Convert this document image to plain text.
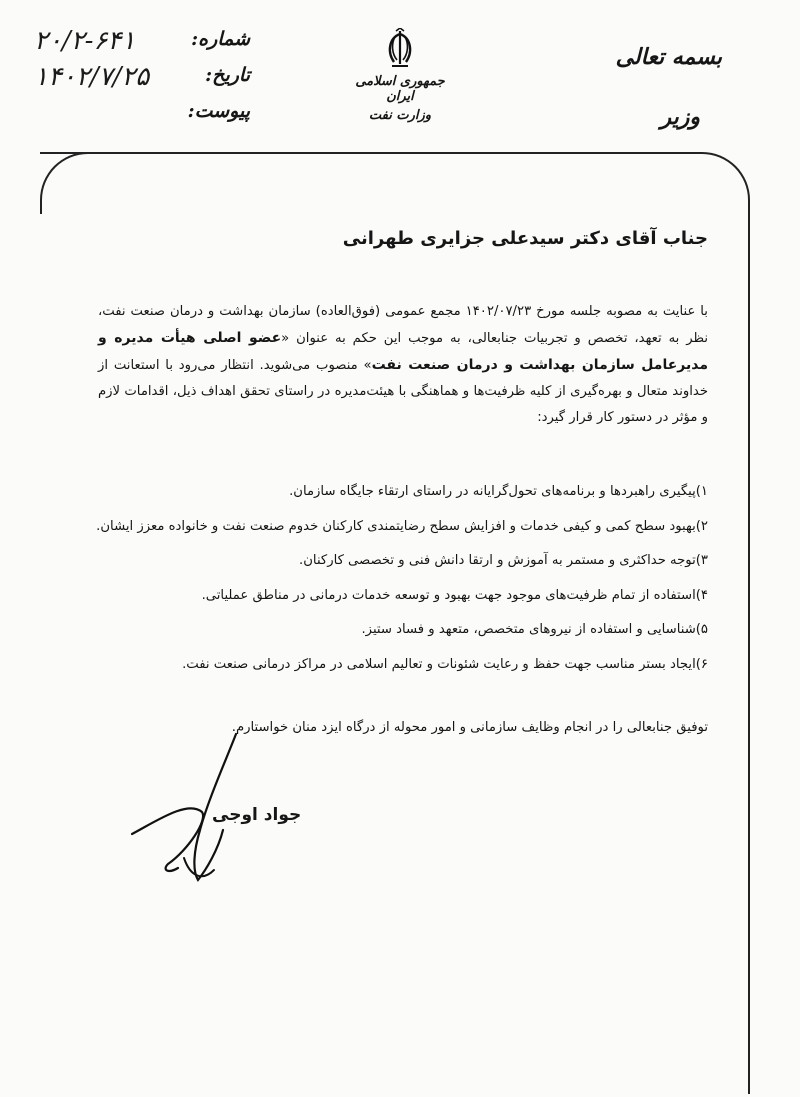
شماره:
۲۰/۲-۶۴۱
تاریخ:
۱۴۰۲/۷/۲۵
پیوست:
جمهوری اسلامی ایران
وزارت نفت
بسمه تعالی
وزیر
جناب آقای دکتر سیدعلی جزایری طهرانی

با عنایت به مصوبه جلسه مورخ ۱۴۰۲/۰۷/۲۳ مجمع عمومی (فوق‌العاده) سازمان بهداشت و درمان صنعت نفت، نظر به تعهد، تخصص و تجربیات جنابعالی، به موجب این حکم به عنوان «عضو اصلی هیأت مدیره و مدیرعامل سازمان بهداشت و درمان صنعت نفت» منصوب می‌شوید. انتظار می‌رود با استعانت از خداوند متعال و بهره‌گیری از کلیه ظرفیت‌ها و هماهنگی با هیئت‌مدیره در راستای تحقق اهداف ذیل، اقدامات لازم و مؤثر در دستور کار قرار گیرد:

۱)پیگیری راهبردها و برنامه‌های تحول‌گرایانه در راستای ارتقاء جایگاه سازمان.
۲)بهبود سطح کمی و کیفی خدمات و افزایش سطح رضایتمندی کارکنان خدوم صنعت نفت و خانواده معزز ایشان.
۳)توجه حداکثری و مستمر به آموزش و ارتقا دانش فنی و تخصصی کارکنان.
۴)استفاده از تمام ظرفیت‌های موجود جهت بهبود و توسعه خدمات درمانی در مناطق عملیاتی.
۵)شناسایی و استفاده از نیروهای متخصص، متعهد و فساد ستیز.
۶)ایجاد بستر مناسب جهت حفظ و رعایت شئونات و تعالیم اسلامی در مراکز درمانی صنعت نفت.
توفیق جنابعالی را در انجام وظایف سازمانی و امور محوله از درگاه ایزد منان خواستارم.
جواد اوجی
